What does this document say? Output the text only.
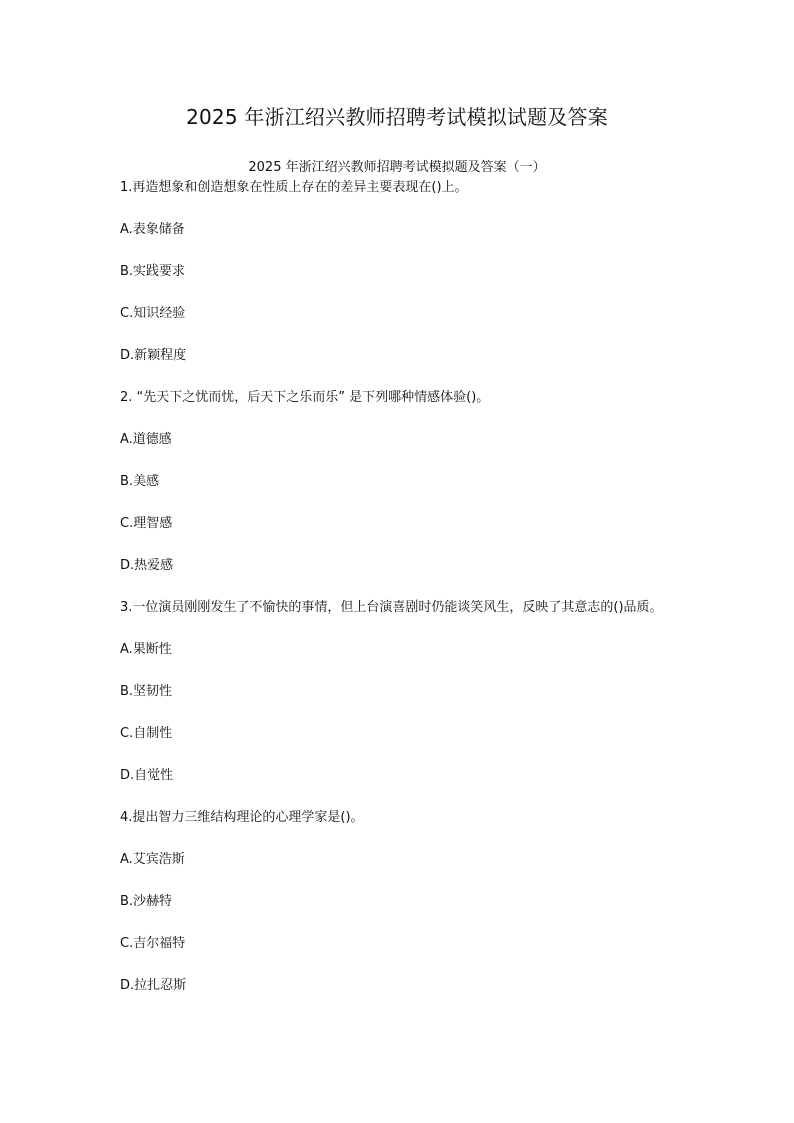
2025 年浙江绍兴教师招聘考试模拟试题及答案
2025 年浙江绍兴教师招聘考试模拟题及答案（一）

1.再造想象和创造想象在性质上存在的差异主要表现在()上。

A.表象储备

B.实践要求

C.知识经验

D.新颖程度

2. “先天下之忧而忧，后天下之乐而乐” 是下列哪种情感体验()。

A.道德感

B.美感

C.理智感

D.热爱感

3.一位演员刚刚发生了不愉快的事情，但上台演喜剧时仍能谈笑风生，反映了其意志的()品质。

A.果断性

B.坚韧性

C.自制性

D.自觉性

4.提出智力三维结构理论的心理学家是()。

A.艾宾浩斯

B.沙赫特

C.吉尔福特

D.拉扎忍斯
